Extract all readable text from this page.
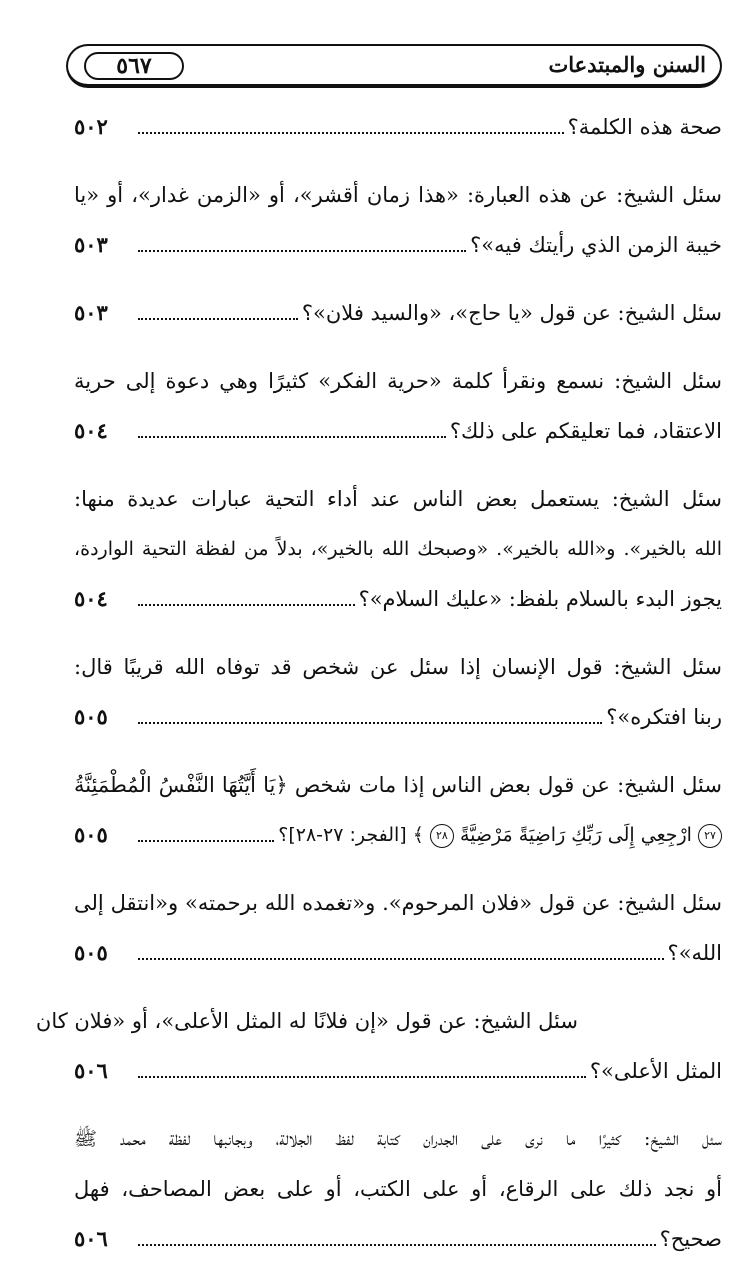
٥٦٧	السنن والمبتدعات
صحة هذه الكلمة؟
٥٠٢
سئل الشيخ: عن هذه العبارة: «هذا زمان أقشر»، أو «الزمن غدار»، أو «يا
خيبة الزمن الذي رأيتك فيه»؟
٥٠٣
سئل الشيخ: عن قول «يا حاج»، «والسيد فلان»؟
٥٠٣
سئل الشيخ: نسمع ونقرأ كلمة «حرية الفكر» كثيرًا وهي دعوة إلى حرية
الاعتقاد، فما تعليقكم على ذلك؟
٥٠٤
سئل الشيخ: يستعمل بعض الناس عند أداء التحية عبارات عديدة منها:
الله بالخير». و«الله بالخير». «وصبحك الله بالخير»، بدلاً من لفظة التحية الواردة،
يجوز البدء بالسلام بلفظ: «عليك السلام»؟
٥٠٤
سئل الشيخ: قول الإنسان إذا سئل عن شخص قد توفاه الله قريبًا قال:
ربنا افتكره»؟
٥٠٥
سئل الشيخ: عن قول بعض الناس إذا مات شخص ﴿يَا أَيَّتُهَا النَّفْسُ الْمُطْمَئِنَّةُ
٢٧ ارْجِعِي إِلَى رَبِّكِ رَاضِيَةً مَرْضِيَّةً ٢٨ ﴾ [الفجر: ٢٧-٢٨]؟
٥٠٥
سئل الشيخ: عن قول «فلان المرحوم». و«تغمده الله برحمته» و«انتقل إلى
الله»؟
٥٠٥
سئل الشيخ: عن قول «إن فلانًا له المثل الأعلى»، أو «فلان كان
المثل الأعلى»؟
٥٠٦
سئل الشيخ: كثيرًا ما نرى على الجدران كتابة لفظ الجلالة، وبجانبها لفظة محمد ﷺ
أو نجد ذلك على الرقاع، أو على الكتب، أو على بعض المصاحف، فهل
صحيح؟
٥٠٦
